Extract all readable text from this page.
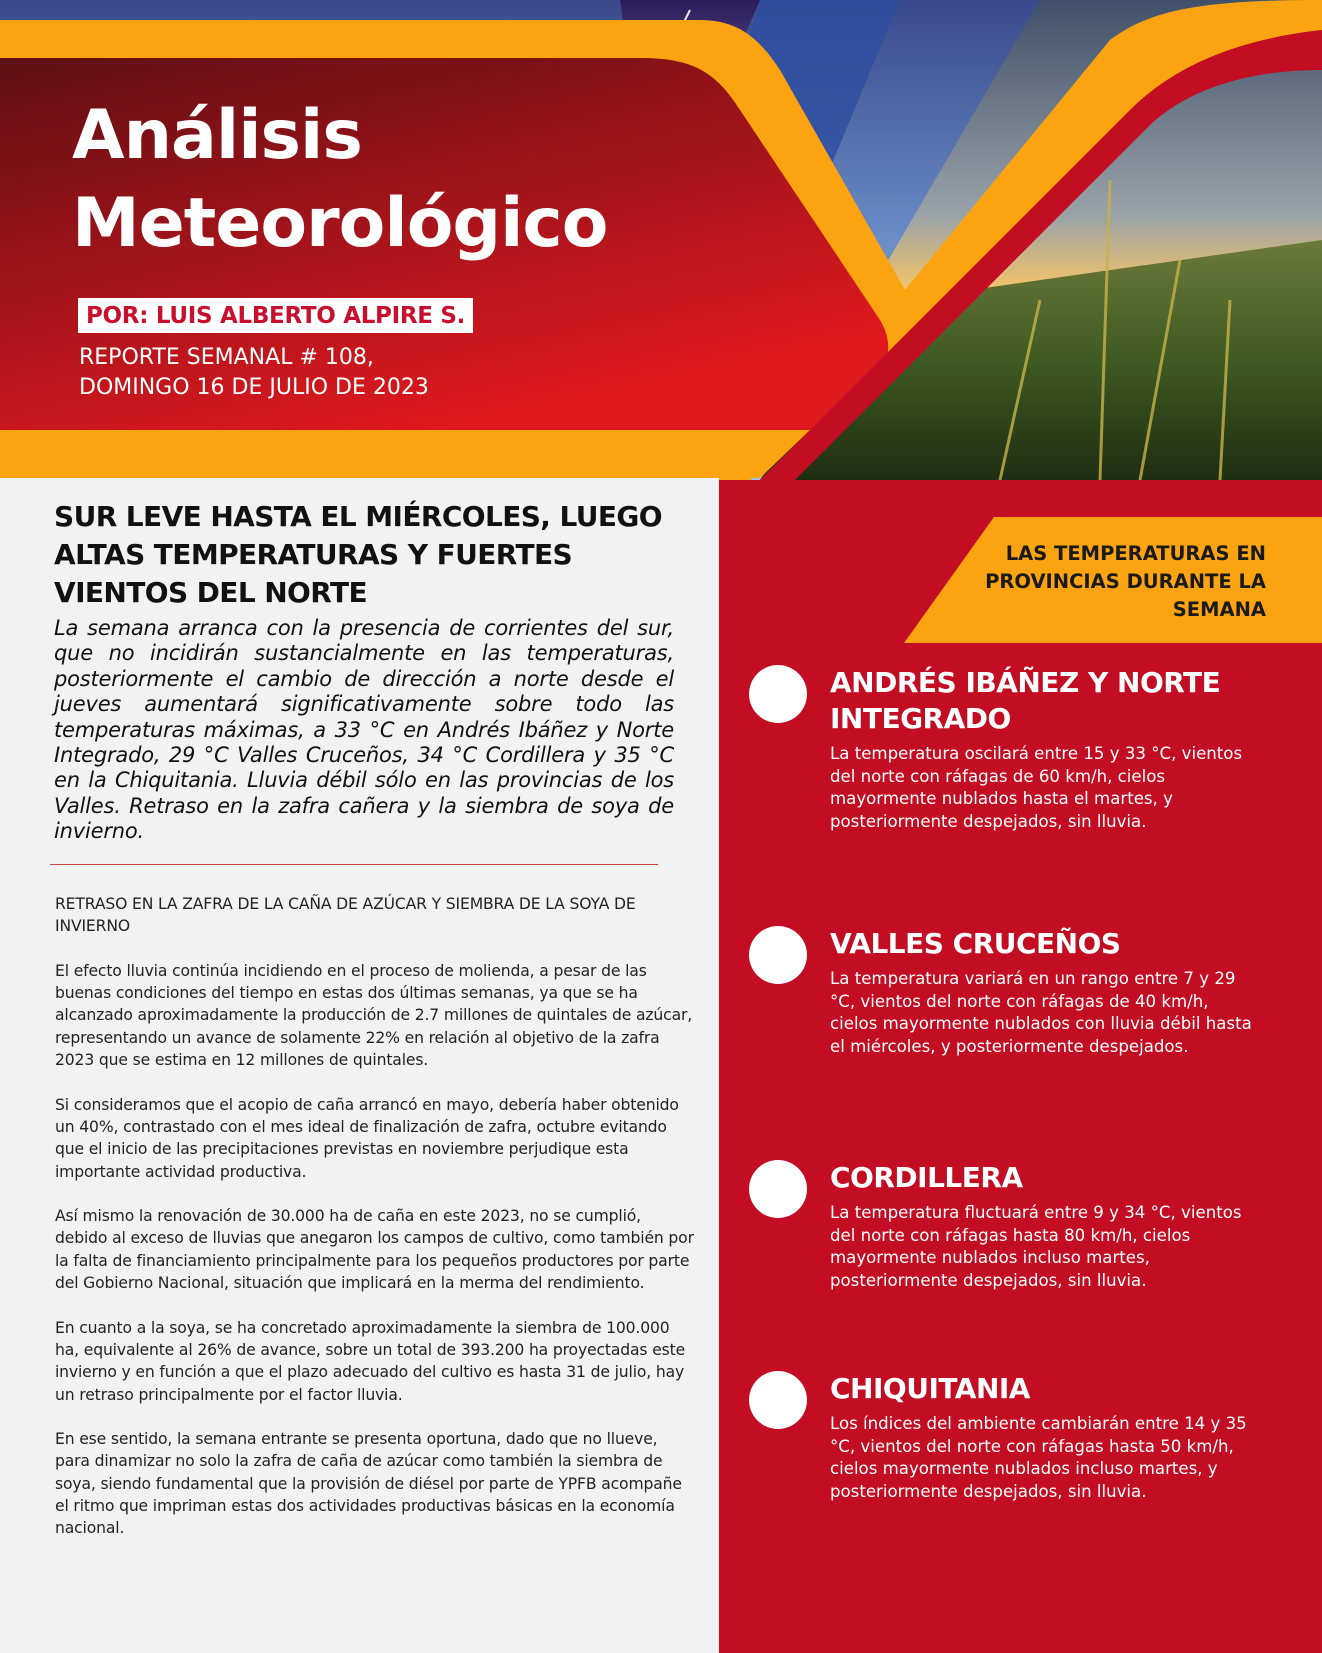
Análisis
Meteorológico
POR: LUIS ALBERTO ALPIRE S.
REPORTE SEMANAL # 108,
DOMINGO 16 DE JULIO DE 2023
SUR LEVE HASTA EL MIÉRCOLES, LUEGO ALTAS TEMPERATURAS Y FUERTES VIENTOS DEL NORTE

La semana arranca con la presencia de corrientes del sur, que no incidirán sustancialmente en las temperaturas, posteriormente el cambio de dirección a norte desde el jueves aumentará significativamente sobre todo las temperaturas máximas, a 33 °C en Andrés Ibáñez y Norte Integrado, 29 °C Valles Cruceños, 34 °C Cordillera y 35 °C en la Chiquitania. Lluvia débil sólo en las provincias de los Valles. Retraso en la zafra cañera y la siembra de soya de invierno.

RETRASO EN LA ZAFRA DE LA CAÑA DE AZÚCAR Y SIEMBRA DE LA SOYA DE INVIERNO

El efecto lluvia continúa incidiendo en el proceso de molienda, a pesar de las buenas condiciones del tiempo en estas dos últimas semanas, ya que se ha alcanzado aproximadamente la producción de 2.7 millones de quintales de azúcar, representando un avance de solamente 22% en relación al objetivo de la zafra 2023 que se estima en 12 millones de quintales.

Si consideramos que el acopio de caña arrancó en mayo, debería haber obtenido un 40%, contrastado con el mes ideal de finalización de zafra, octubre evitando que el inicio de las precipitaciones previstas en noviembre perjudique esta importante actividad productiva.

Así mismo la renovación de 30.000 ha de caña en este 2023, no se cumplió, debido al exceso de lluvias que anegaron los campos de cultivo, como también por la falta de financiamiento principalmente para los pequeños productores por parte del Gobierno Nacional, situación que implicará en la merma del rendimiento.

En cuanto a la soya, se ha concretado aproximadamente la siembra de 100.000 ha, equivalente al 26% de avance, sobre un total de 393.200 ha proyectadas este invierno y en función a que el plazo adecuado del cultivo es hasta 31 de julio, hay un retraso principalmente por el factor lluvia.

En ese sentido, la semana entrante se presenta oportuna, dado que no llueve, para dinamizar no solo la zafra de caña de azúcar como también la siembra de soya, siendo fundamental que la provisión de diésel por parte de YPFB acompañe el ritmo que impriman estas dos actividades productivas básicas en la economía nacional.

LAS TEMPERATURAS EN PROVINCIAS DURANTE LA SEMANA
ANDRÉS IBÁÑEZ Y NORTE INTEGRADO

La temperatura oscilará entre 15 y 33 °C, vientos del norte con ráfagas de 60 km/h, cielos mayormente nublados hasta el martes, y posteriormente despejados, sin lluvia.

VALLES CRUCEÑOS

La temperatura variará en un rango entre 7 y 29 °C, vientos del norte con ráfagas de 40 km/h, cielos mayormente nublados con lluvia débil hasta el miércoles, y posteriormente despejados.

CORDILLERA

La temperatura fluctuará entre 9 y 34 °C, vientos del norte con ráfagas hasta 80 km/h, cielos mayormente nublados incluso martes, posteriormente despejados, sin lluvia.

CHIQUITANIA

Los índices del ambiente cambiarán entre 14 y 35 °C, vientos del norte con ráfagas hasta 50 km/h, cielos mayormente nublados incluso martes, y posteriormente despejados, sin lluvia.
